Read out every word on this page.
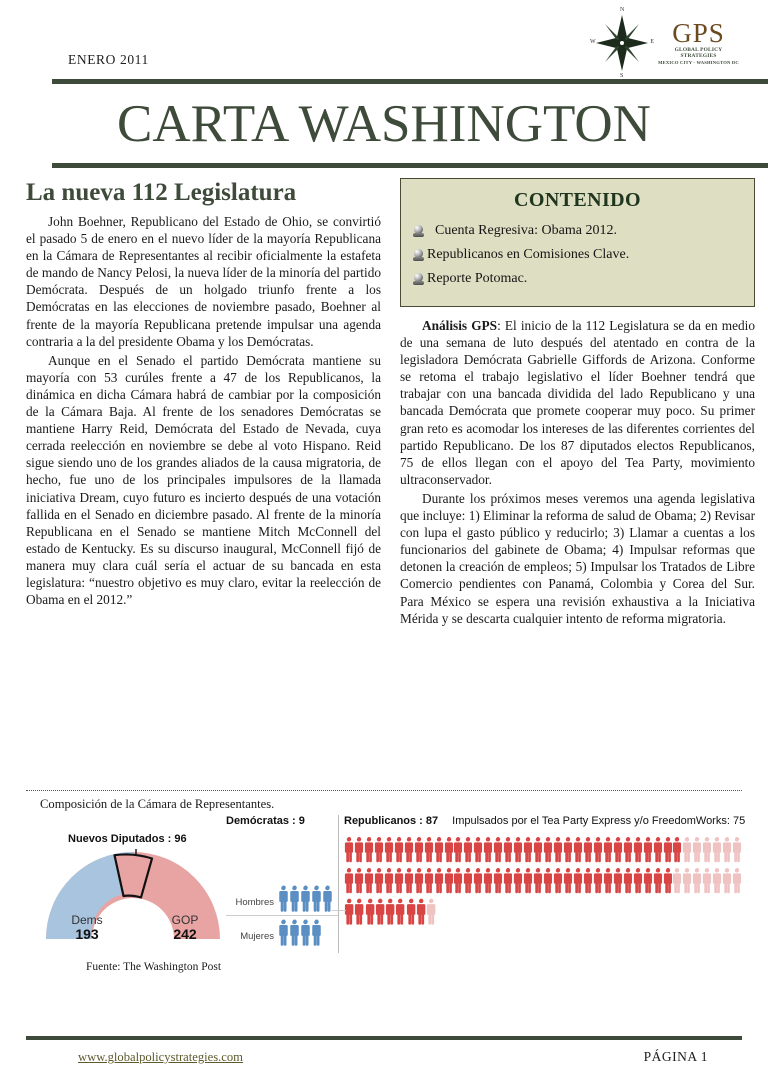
N
S
W	E GPS
GLOBAL POLICY STRATEGIES
MEXICO CITY - WASHINGTON DC
ENERO 2011
CARTA WASHINGTON
La nueva 112 Legislatura

John Boehner, Republicano del Estado de Ohio, se convirtió el pasado 5 de enero en el nuevo líder de la mayoría Republicana en la Cámara de Representantes al recibir oficialmente la estafeta de mando de Nancy Pelosi, la nueva líder de la minoría del partido Demócrata. Después de un holgado triunfo frente a los Demócratas en las elecciones de noviembre pasado, Boehner al frente de la mayoría Republicana pretende impulsar una agenda contraria a la del presidente Obama y los Demócratas.

Aunque en el Senado el partido Demócrata mantiene su mayoría con 53 curúles frente a 47 de los Republicanos, la dinámica en dicha Cámara habrá de cambiar por la composición de la Cámara Baja. Al frente de los senadores Demócratas se mantiene Harry Reid, Demócrata del Estado de Nevada, cuya cerrada reelección en noviembre se debe al voto Hispano. Reid sigue siendo uno de los grandes aliados de la causa migratoria, de hecho, fue uno de los principales impulsores de la llamada iniciativa Dream, cuyo futuro es incierto después de una votación fallida en el Senado en diciembre pasado. Al frente de la minoría Republicana en el Senado se mantiene Mitch McConnell del estado de Kentucky. Es su discurso inaugural, McConnell fijó de manera muy clara cuál sería el actuar de su bancada en esta legislatura: “nuestro objetivo es muy claro, evitar la reelección de Obama en el 2012.”

CONTENIDO
Cuenta Regresiva: Obama 2012.
Republicanos en Comisiones Clave.
Reporte Potomac.

Análisis GPS: El inicio de la 112 Legislatura se da en medio de una semana de luto después del atentado en contra de la legisladora Demócrata Gabrielle Giffords de Arizona. Conforme se retoma el trabajo legislativo el líder Boehner tendrá que trabajar con una bancada dividida del lado Republicano y una bancada Demócrata que promete cooperar muy poco. Su primer gran reto es acomodar los intereses de las diferentes corrientes del partido Republicano. De los 87 diputados electos Republicanos, 75 de ellos llegan con el apoyo del Tea Party, movimiento ultraconservador.

Durante los próximos meses veremos una agenda legislativa que incluye: 1) Eliminar la reforma de salud de Obama; 2) Revisar con lupa el gasto público y reducirlo; 3) Llamar a cuentas a los funcionarios del gabinete de Obama; 4) Impulsar reformas que detonen la creación de empleos; 5) Impulsar los Tratados de Libre Comercio pendientes con Panamá, Colombia y Corea del Sur. Para México se espera una revisión exhaustiva a la Iniciativa Mérida y se descarta cualquier intento de reforma migratoria.

Composición de la Cámara de Representantes.
Nuevos Diputados : 96
Dems
193
GOP
242
Demócratas : 9
Hombres
Mujeres
Republicanos : 87 Impulsados por el Tea Party Express y/o FreedomWorks: 75
Fuente: The Washington Post
www.globalpolicystrategies.com	PÁGINA 1
